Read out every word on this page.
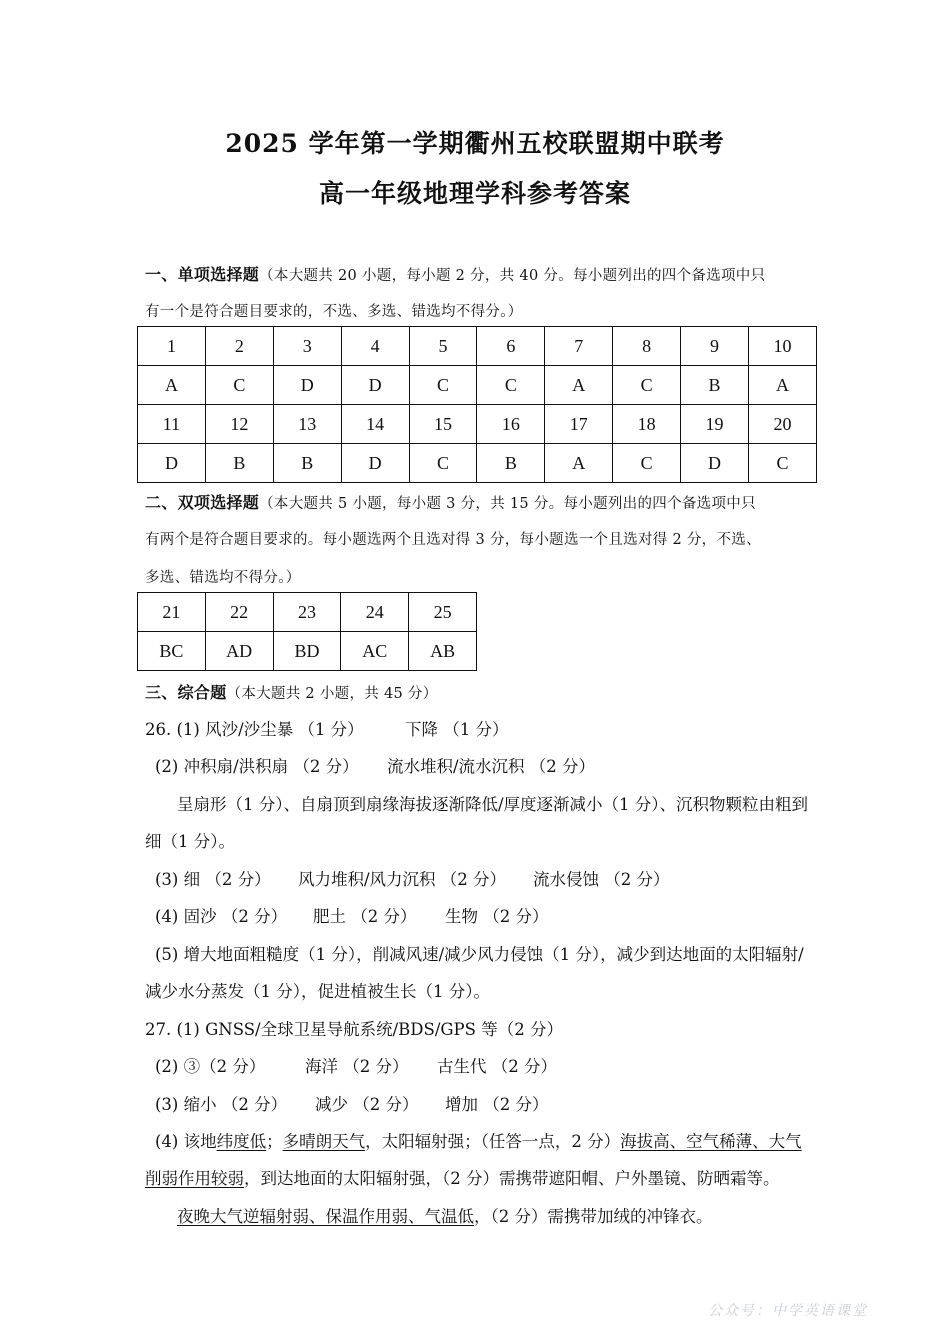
2025 学年第一学期衢州五校联盟期中联考
高一年级地理学科参考答案
一、单项选择题（本大题共 20 小题，每小题 2 分，共 40 分。每小题列出的四个备选项中只
有一个是符合题目要求的，不选、多选、错选均不得分。）
1	2	3	4	5	6	7	8	9	10
A	C	D	D	C	C	A	C	B	A
11	12	13	14	15	16	17	18	19	20
D	B	B	D	C	B	A	C	D	C
二、双项选择题（本大题共 5 小题，每小题 3 分，共 15 分。每小题列出的四个备选项中只
有两个是符合题目要求的。每小题选两个且选对得 3 分，每小题选一个且选对得 2 分，不选、
多选、错选均不得分。）
21	22	23	24	25
BC	AD	BD	AC	AB
三、综合题（本大题共 2 小题，共 45 分）
26. (1) 风沙/沙尘暴 （1 分）	下降 （1 分）
(2) 冲积扇/洪积扇 （2 分） 流水堆积/流水沉积 （2 分）
呈扇形（1 分）、自扇顶到扇缘海拔逐渐降低/厚度逐渐减小（1 分）、沉积物颗粒由粗到
细（1 分）。
(3) 细 （2 分） 风力堆积/风力沉积 （2 分） 流水侵蚀 （2 分）
(4) 固沙 （2 分） 肥土 （2 分） 生物 （2 分）
(5) 增大地面粗糙度（1 分），削减风速/减少风力侵蚀（1 分），减少到达地面的太阳辐射/
减少水分蒸发（1 分），促进植被生长（1 分）。
27. (1) GNSS/全球卫星导航系统/BDS/GPS 等（2 分）
(2) ③（2 分） 海洋 （2 分） 古生代 （2 分）
(3) 缩小 （2 分） 减少 （2 分） 增加 （2 分）
(4) 该地纬度低；多晴朗天气，太阳辐射强；（任答一点，2 分）海拔高、空气稀薄、大气
削弱作用较弱，到达地面的太阳辐射强，（2 分）需携带遮阳帽、户外墨镜、防晒霜等。
夜晚大气逆辐射弱、保温作用弱、气温低，（2 分）需携带加绒的冲锋衣。
公众号：中学英语课堂
